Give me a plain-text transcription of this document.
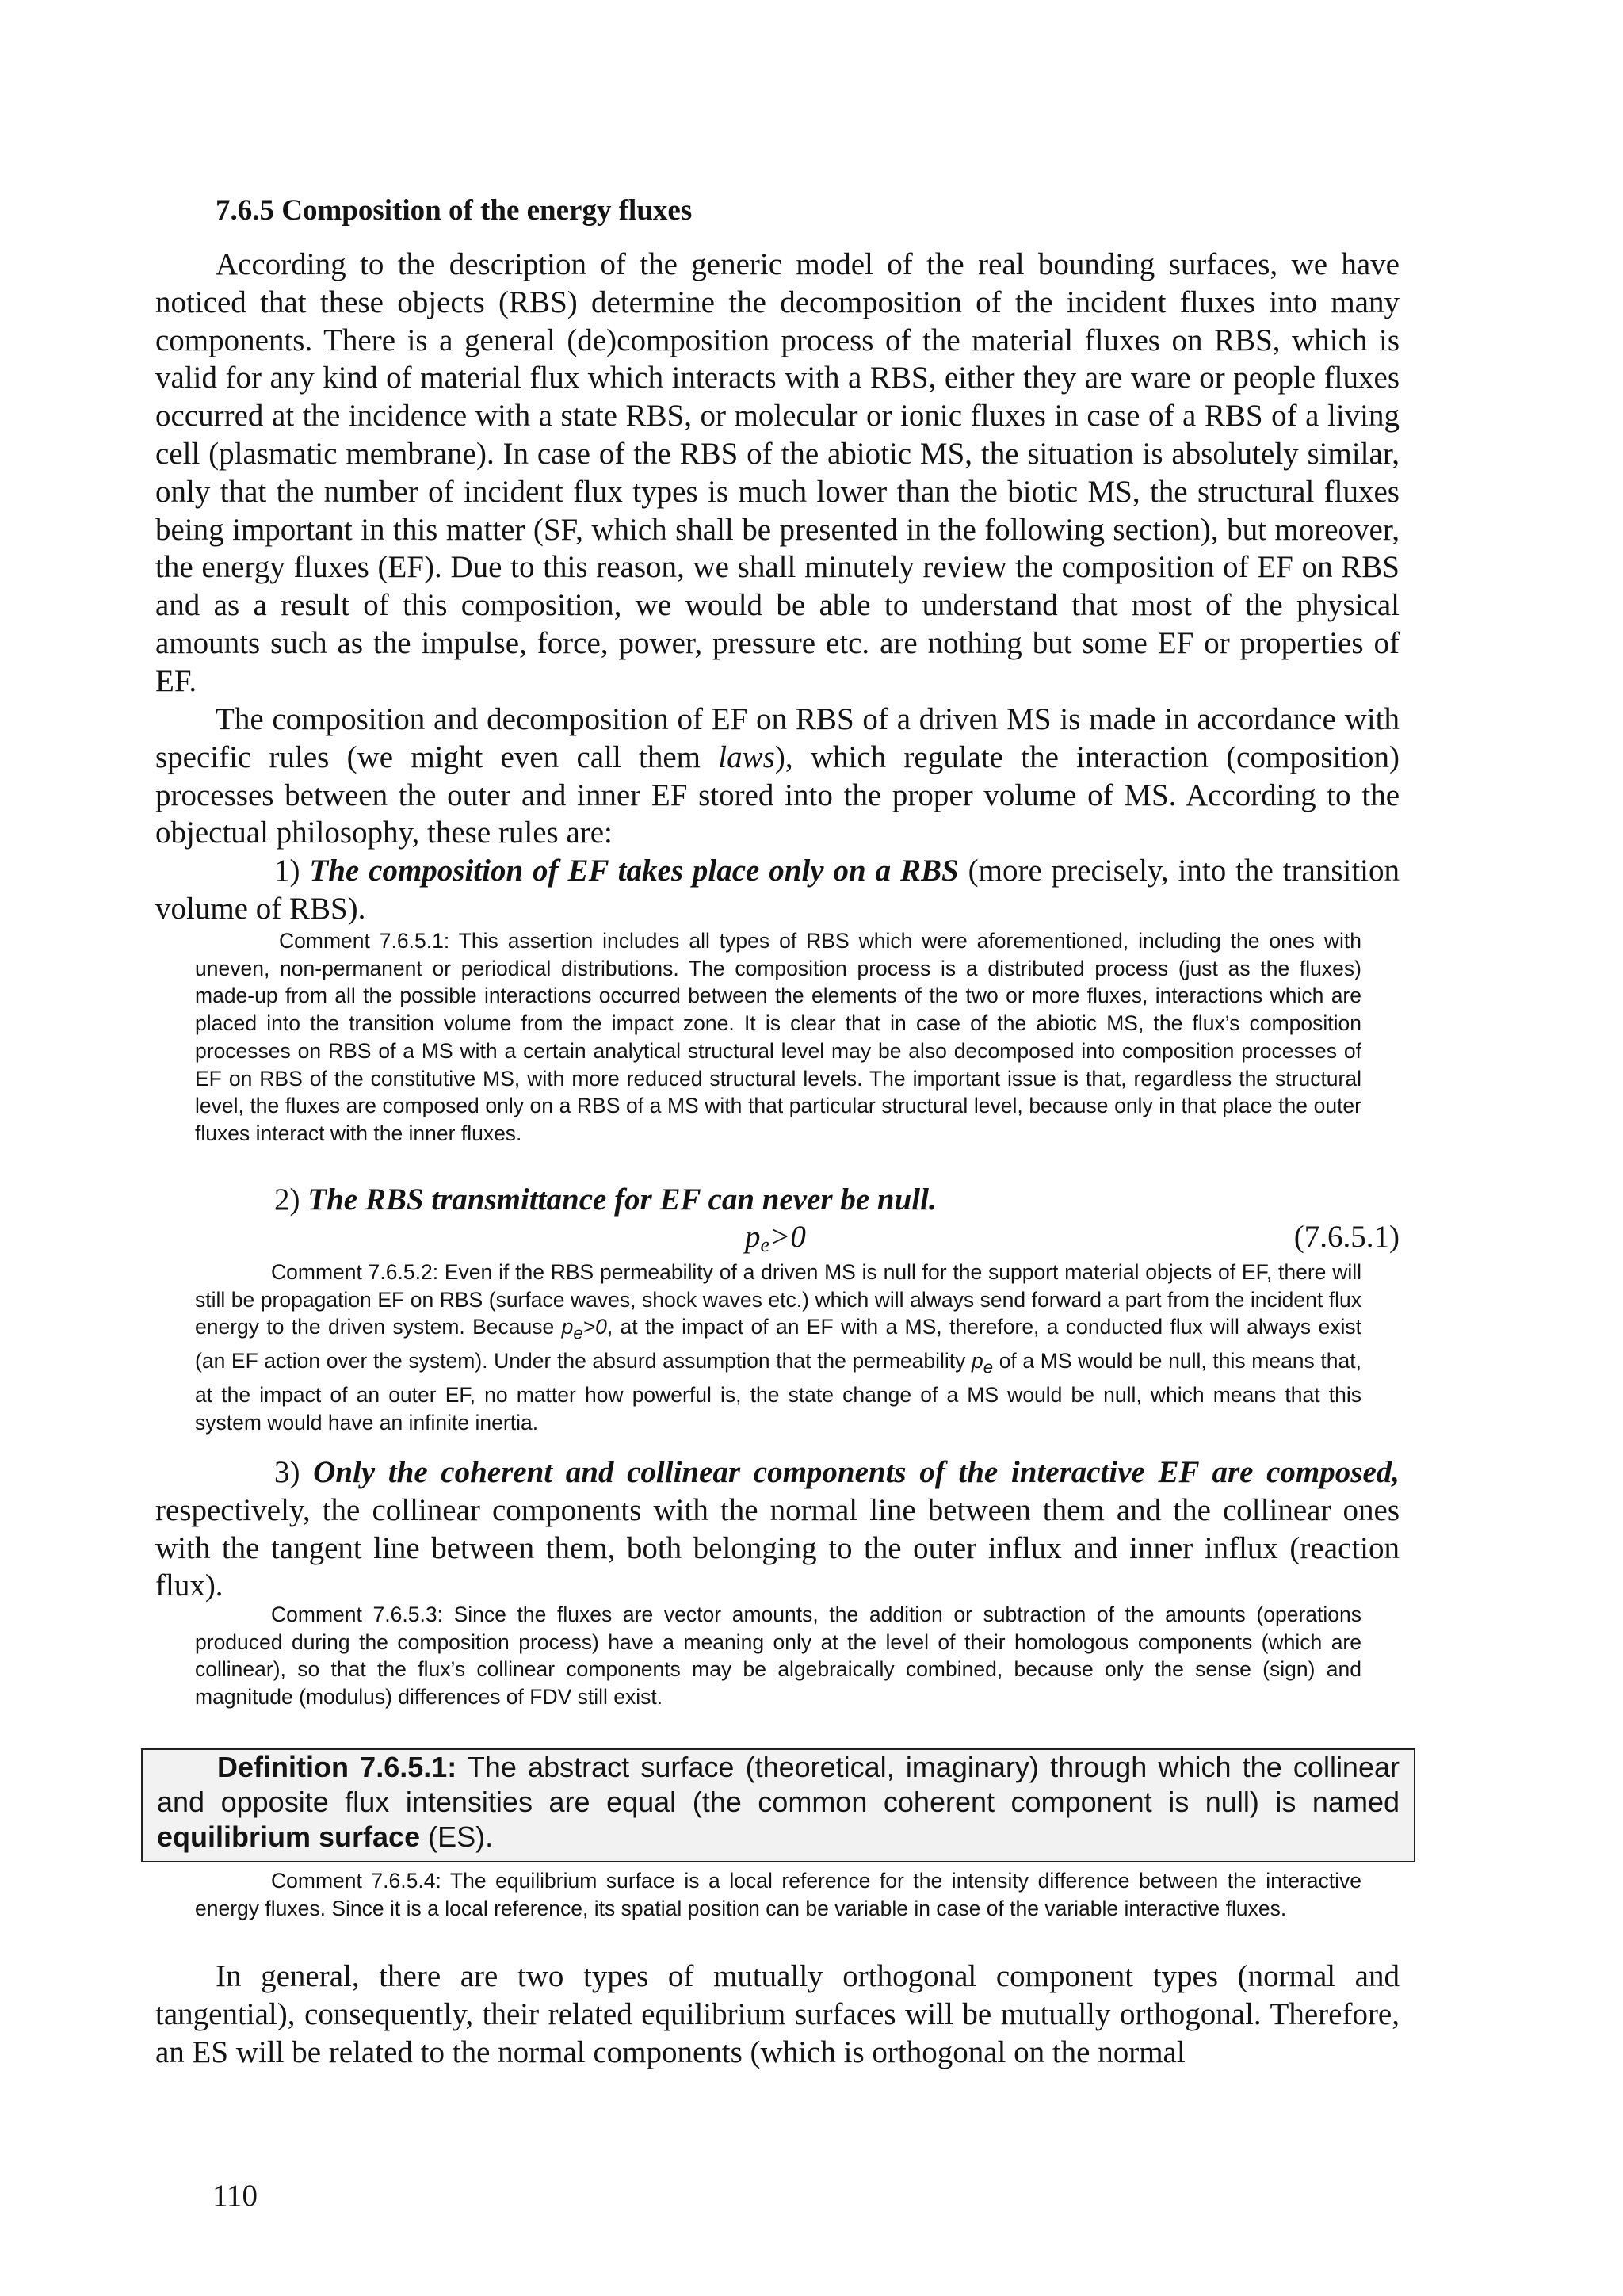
7.6.5 Composition of the energy fluxes
According to the description of the generic model of the real bounding surfaces, we have noticed that these objects (RBS) determine the decomposition of the incident fluxes into many components. There is a general (de)composition process of the material fluxes on RBS, which is valid for any kind of material flux which interacts with a RBS, either they are ware or people fluxes occurred at the incidence with a state RBS, or molecular or ionic fluxes in case of a RBS of a living cell (plasmatic membrane). In case of the RBS of the abiotic MS, the situation is absolutely similar, only that the number of incident flux types is much lower than the biotic MS, the structural fluxes being important in this matter (SF, which shall be presented in the following section), but moreover, the energy fluxes (EF). Due to this reason, we shall minutely review the composition of EF on RBS and as a result of this composition, we would be able to understand that most of the physical amounts such as the impulse, force, power, pressure etc. are nothing but some EF or properties of EF.
The composition and decomposition of EF on RBS of a driven MS is made in accordance with specific rules (we might even call them laws), which regulate the interaction (composition) processes between the outer and inner EF stored into the proper volume of MS. According to the objectual philosophy, these rules are:
1) The composition of EF takes place only on a RBS (more precisely, into the transition volume of RBS).
Comment 7.6.5.1: This assertion includes all types of RBS which were aforementioned, including the ones with uneven, non-permanent or periodical distributions. The composition process is a distributed process (just as the fluxes) made-up from all the possible interactions occurred between the elements of the two or more fluxes, interactions which are placed into the transition volume from the impact zone. It is clear that in case of the abiotic MS, the flux’s composition processes on RBS of a MS with a certain analytical structural level may be also decomposed into composition processes of EF on RBS of the constitutive MS, with more reduced structural levels. The important issue is that, regardless the structural level, the fluxes are composed only on a RBS of a MS with that particular structural level, because only in that place the outer fluxes interact with the inner fluxes.
2) The RBS transmittance for EF can never be null.
$p_e>0$	(7.6.5.1)
Comment 7.6.5.2: Even if the RBS permeability of a driven MS is null for the support material objects of EF, there will still be propagation EF on RBS (surface waves, shock waves etc.) which will always send forward a part from the incident flux energy to the driven system. Because $p_e>0$, at the impact of an EF with a MS, therefore, a conducted flux will always exist (an EF action over the system). Under the absurd assumption that the permeability $p_e$ of a MS would be null, this means that, at the impact of an outer EF, no matter how powerful is, the state change of a MS would be null, which means that this system would have an infinite inertia.
3) Only the coherent and collinear components of the interactive EF are composed, respectively, the collinear components with the normal line between them and the collinear ones with the tangent line between them, both belonging to the outer influx and inner influx (reaction flux).
Comment 7.6.5.3: Since the fluxes are vector amounts, the addition or subtraction of the amounts (operations produced during the composition process) have a meaning only at the level of their homologous components (which are collinear), so that the flux’s collinear components may be algebraically combined, because only the sense (sign) and magnitude (modulus) differences of FDV still exist.
Definition 7.6.5.1: The abstract surface (theoretical, imaginary) through which the collinear and opposite flux intensities are equal (the common coherent component is null) is named equilibrium surface (ES).
Comment 7.6.5.4: The equilibrium surface is a local reference for the intensity difference between the interactive energy fluxes. Since it is a local reference, its spatial position can be variable in case of the variable interactive fluxes.
In general, there are two types of mutually orthogonal component types (normal and tangential), consequently, their related equilibrium surfaces will be mutually orthogonal. Therefore, an ES will be related to the normal components (which is orthogonal on the normal
110
